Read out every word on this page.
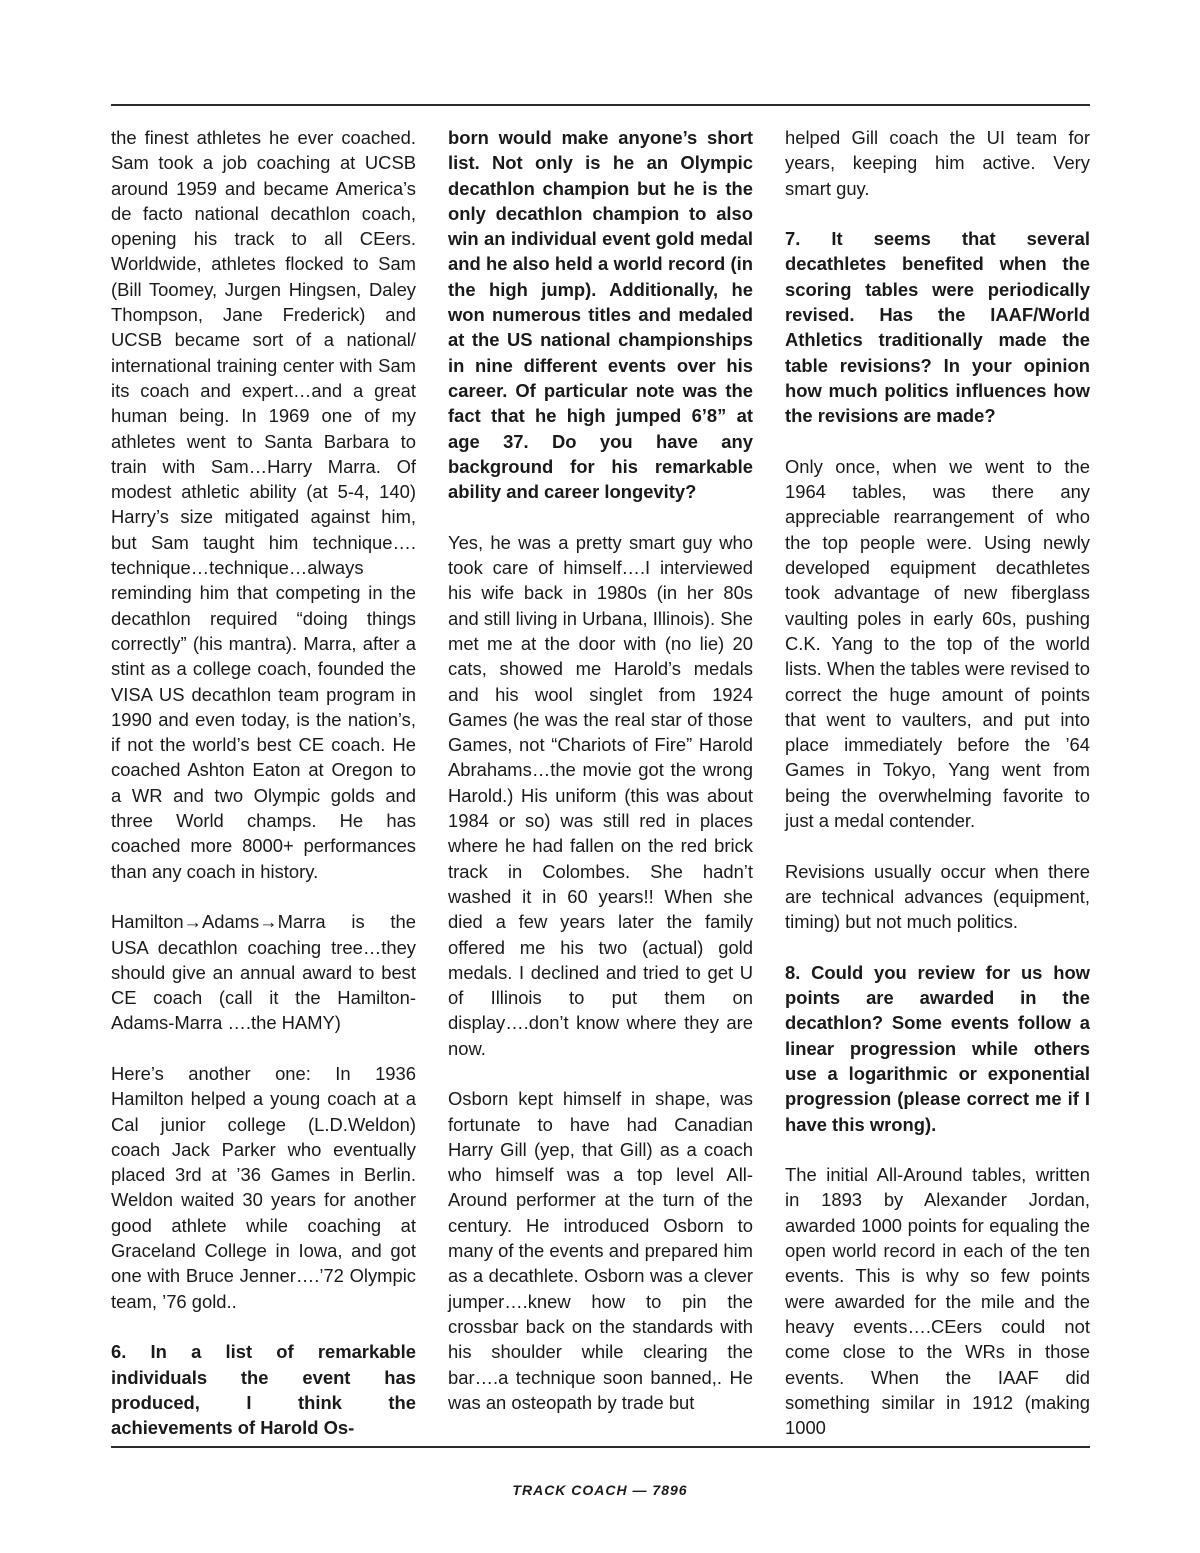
the finest athletes he ever coached. Sam took a job coaching at UCSB around 1959 and became America’s de facto national decathlon coach, opening his track to all CEers. Worldwide, athletes flocked to Sam (Bill Toomey, Jurgen Hingsen, Daley Thompson, Jane Frederick) and UCSB became sort of a national/ international training center with Sam its coach and expert…and a great human being. In 1969 one of my athletes went to Santa Barbara to train with Sam…Harry Marra. Of modest athletic ability (at 5-4, 140) Harry’s size mitigated against him, but Sam taught him technique…. technique…technique…always reminding him that competing in the decathlon required “doing things correctly” (his mantra). Marra, after a stint as a college coach, founded the VISA US decathlon team program in 1990 and even today, is the nation’s, if not the world’s best CE coach. He coached Ashton Eaton at Oregon to a WR and two Olympic golds and three World champs. He has coached more 8000+ performances than any coach in history.

Hamilton→Adams→Marra is the USA decathlon coaching tree…they should give an annual award to best CE coach (call it the Hamilton-Adams-Marra ….the HAMY)

Here’s another one: In 1936 Hamilton helped a young coach at a Cal junior college (L.D.Weldon) coach Jack Parker who eventually placed 3rd at ’36 Games in Berlin. Weldon waited 30 years for another good athlete while coaching at Graceland College in Iowa, and got one with Bruce Jenner….’72 Olympic team, ’76 gold..

6. In a list of remarkable individuals the event has produced, I think the achievements of Harold Os-

born would make anyone’s short list. Not only is he an Olympic decathlon champion but he is the only decathlon champion to also win an individual event gold medal and he also held a world record (in the high jump). Additionally, he won numerous titles and medaled at the US national championships in nine different events over his career. Of particular note was the fact that he high jumped 6’8” at age 37. Do you have any background for his remarkable ability and career longevity?

Yes, he was a pretty smart guy who took care of himself….I interviewed his wife back in 1980s (in her 80s and still living in Urbana, Illinois). She met me at the door with (no lie) 20 cats, showed me Harold’s medals and his wool singlet from 1924 Games (he was the real star of those Games, not “Chariots of Fire” Harold Abrahams…the movie got the wrong Harold.) His uniform (this was about 1984 or so) was still red in places where he had fallen on the red brick track in Colombes. She hadn’t washed it in 60 years!! When she died a few years later the family offered me his two (actual) gold medals. I declined and tried to get U of Illinois to put them on display….don’t know where they are now.

Osborn kept himself in shape, was fortunate to have had Canadian Harry Gill (yep, that Gill) as a coach who himself was a top level All-Around performer at the turn of the century. He introduced Osborn to many of the events and prepared him as a decathlete. Osborn was a clever jumper….knew how to pin the crossbar back on the standards with his shoulder while clearing the bar….a technique soon banned,. He was an osteopath by trade but

helped Gill coach the UI team for years, keeping him active. Very smart guy.

7. It seems that several decathletes benefited when the scoring tables were periodically revised. Has the IAAF/World Athletics traditionally made the table revisions? In your opinion how much politics influences how the revisions are made?

Only once, when we went to the 1964 tables, was there any appreciable rearrangement of who the top people were. Using newly developed equipment decathletes took advantage of new fiberglass vaulting poles in early 60s, pushing C.K. Yang to the top of the world lists. When the tables were revised to correct the huge amount of points that went to vaulters, and put into place immediately before the ’64 Games in Tokyo, Yang went from being the overwhelming favorite to just a medal contender.

Revisions usually occur when there are technical advances (equipment, timing) but not much politics.

8. Could you review for us how points are awarded in the decathlon? Some events follow a linear progression while others use a logarithmic or exponential progression (please correct me if I have this wrong).

The initial All-Around tables, written in 1893 by Alexander Jordan, awarded 1000 points for equaling the open world record in each of the ten events. This is why so few points were awarded for the mile and the heavy events….CEers could not come close to the WRs in those events. When the IAAF did something similar in 1912 (making 1000

TRACK COACH — 7896
